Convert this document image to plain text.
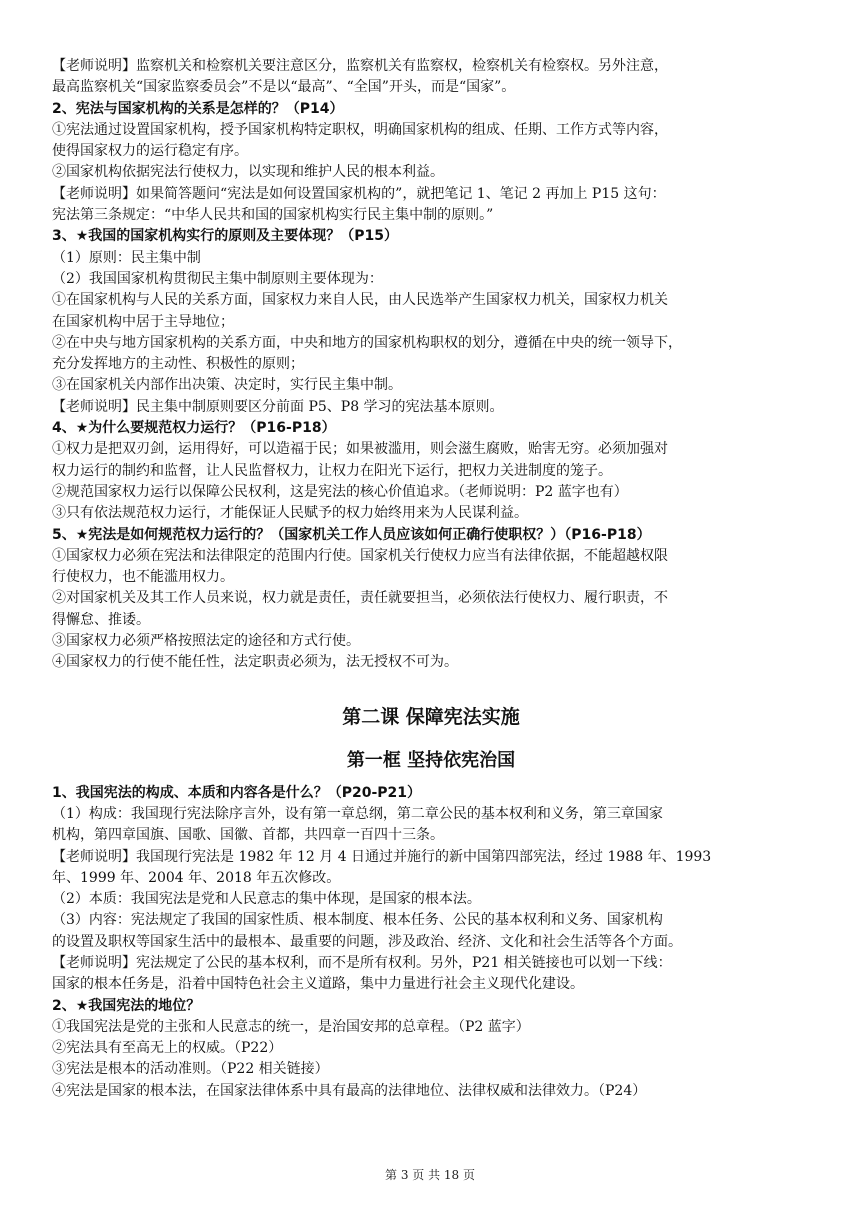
【老师说明】监察机关和检察机关要注意区分，监察机关有监察权，检察机关有检察权。另外注意，
最高监察机关“国家监察委员会”不是以“最高”、“全国”开头，而是“国家”。
2、宪法与国家机构的关系是怎样的？（P14）
①宪法通过设置国家机构，授予国家机构特定职权，明确国家机构的组成、任期、工作方式等内容，
使得国家权力的运行稳定有序。
②国家机构依据宪法行使权力，以实现和维护人民的根本利益。
【老师说明】如果简答题问“宪法是如何设置国家机构的”，就把笔记 1、笔记 2 再加上 P15 这句：
宪法第三条规定：“中华人民共和国的国家机构实行民主集中制的原则。”
3、★我国的国家机构实行的原则及主要体现？（P15）
（1）原则：民主集中制
（2）我国国家机构贯彻民主集中制原则主要体现为：
①在国家机构与人民的关系方面，国家权力来自人民，由人民选举产生国家权力机关，国家权力机关
在国家机构中居于主导地位；
②在中央与地方国家机构的关系方面，中央和地方的国家机构职权的划分，遵循在中央的统一领导下，
充分发挥地方的主动性、积极性的原则；
③在国家机关内部作出决策、决定时，实行民主集中制。
【老师说明】民主集中制原则要区分前面 P5、P8 学习的宪法基本原则。
4、★为什么要规范权力运行？（P16-P18）
①权力是把双刃剑，运用得好，可以造福于民；如果被滥用，则会滋生腐败，贻害无穷。必须加强对
权力运行的制约和监督，让人民监督权力，让权力在阳光下运行，把权力关进制度的笼子。
②规范国家权力运行以保障公民权利，这是宪法的核心价值追求。（老师说明：P2 蓝字也有）
③只有依法规范权力运行，才能保证人民赋予的权力始终用来为人民谋利益。
5、★宪法是如何规范权力运行的？（国家机关工作人员应该如何正确行使职权？）（P16-P18）
①国家权力必须在宪法和法律限定的范围内行使。国家机关行使权力应当有法律依据，不能超越权限
行使权力，也不能滥用权力。
②对国家机关及其工作人员来说，权力就是责任，责任就要担当，必须依法行使权力、履行职责，不
得懈怠、推诿。
③国家权力必须严格按照法定的途径和方式行使。
④国家权力的行使不能任性，法定职责必须为，法无授权不可为。
第二课 保障宪法实施
第一框 坚持依宪治国
1、我国宪法的构成、本质和内容各是什么？（P20-P21）
（1）构成：我国现行宪法除序言外，设有第一章总纲，第二章公民的基本权利和义务，第三章国家
机构，第四章国旗、国歌、国徽、首都，共四章一百四十三条。
【老师说明】我国现行宪法是 1982 年 12 月 4 日通过并施行的新中国第四部宪法，经过 1988 年、1993
年、1999 年、2004 年、2018 年五次修改。
（2）本质：我国宪法是党和人民意志的集中体现，是国家的根本法。
（3）内容：宪法规定了我国的国家性质、根本制度、根本任务、公民的基本权利和义务、国家机构
的设置及职权等国家生活中的最根本、最重要的问题，涉及政治、经济、文化和社会生活等各个方面。
【老师说明】宪法规定了公民的基本权利，而不是所有权利。另外，P21 相关链接也可以划一下线：
国家的根本任务是，沿着中国特色社会主义道路，集中力量进行社会主义现代化建设。
2、★我国宪法的地位？
①我国宪法是党的主张和人民意志的统一，是治国安邦的总章程。（P2 蓝字）
②宪法具有至高无上的权威。（P22）
③宪法是根本的活动准则。（P22 相关链接）
④宪法是国家的根本法，在国家法律体系中具有最高的法律地位、法律权威和法律效力。（P24）
第 3 页 共 18 页
